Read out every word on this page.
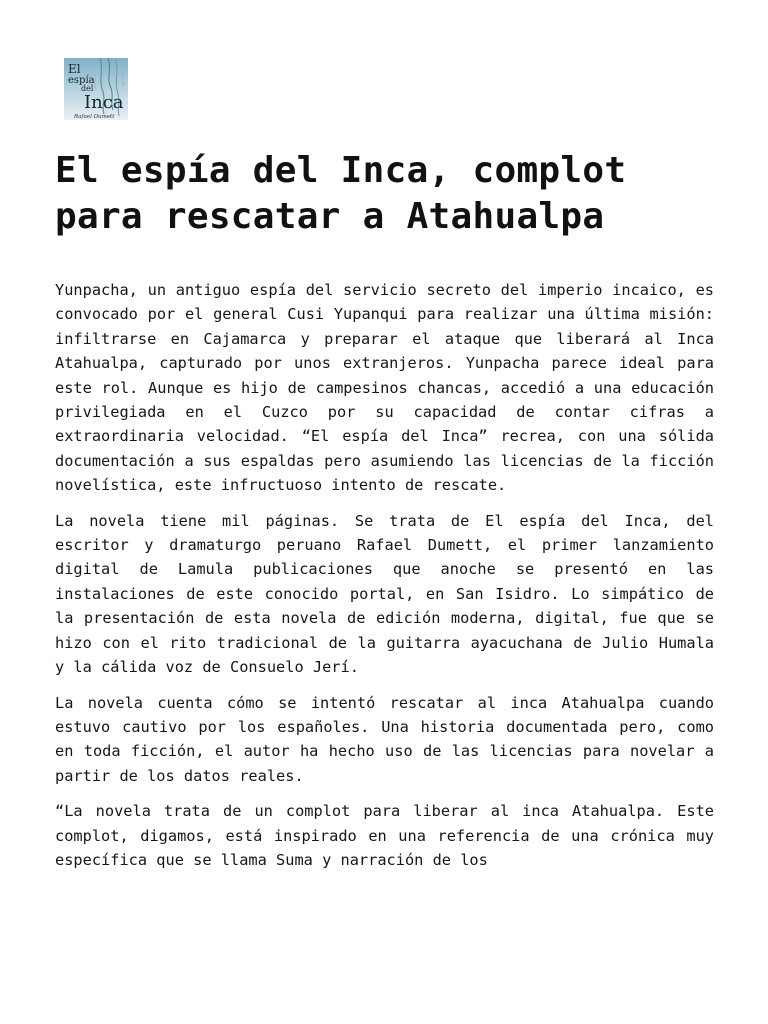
El
espía
del
Inca
Rafael Dumett
El espía del Inca, complot para rescatar a Atahualpa

Yunpacha, un antiguo espía del servicio secreto del imperio incaico, es convocado por el general Cusi Yupanqui para realizar una última misión: infiltrarse en Cajamarca y preparar el ataque que liberará al Inca Atahualpa, capturado por unos extranjeros. Yunpacha parece ideal para este rol. Aunque es hijo de campesinos chancas, accedió a una educación privilegiada en el Cuzco por su capacidad de contar cifras a extraordinaria velocidad. “El espía del Inca” recrea, con una sólida documentación a sus espaldas pero asumiendo las licencias de la ficción novelística, este infructuoso intento de rescate.

La novela tiene mil páginas. Se trata de El espía del Inca, del escritor y dramaturgo peruano Rafael Dumett, el primer lanzamiento digital de Lamula publicaciones que anoche se presentó en las instalaciones de este conocido portal, en San Isidro. Lo simpático de la presentación de esta novela de edición moderna, digital, fue que se hizo con el rito tradicional de la guitarra ayacuchana de Julio Humala y la cálida voz de Consuelo Jerí.

La novela cuenta cómo se intentó rescatar al inca Atahualpa cuando estuvo cautivo por los españoles. Una historia documentada pero, como en toda ficción, el autor ha hecho uso de las licencias para novelar a partir de los datos reales.

“La novela trata de un complot para liberar al inca Atahualpa. Este complot, digamos, está inspirado en una referencia de una crónica muy específica que se llama Suma y narración de los
